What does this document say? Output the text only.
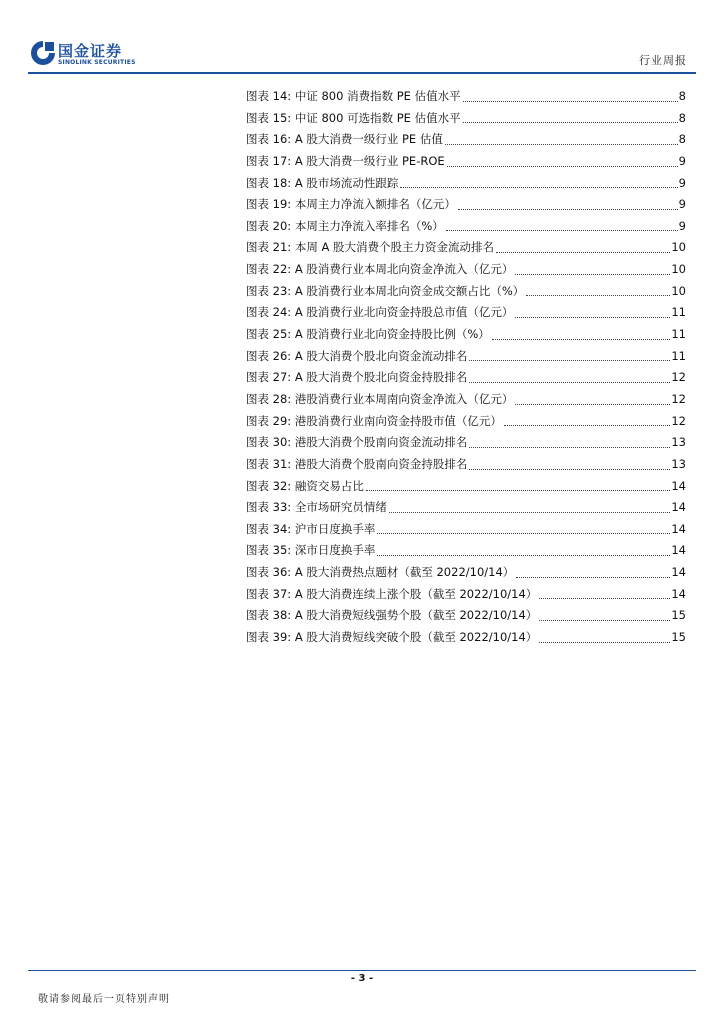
国金证券
SINOLINK SECURITIES	行业周报
图表 14: 中证 800 消费指数 PE 估值水平	8
图表 15: 中证 800 可选指数 PE 估值水平	8
图表 16: A 股大消费一级行业 PE 估值	8
图表 17: A 股大消费一级行业 PE-ROE	9
图表 18: A 股市场流动性跟踪	9
图表 19: 本周主力净流入额排名（亿元）	9
图表 20: 本周主力净流入率排名（%）	9
图表 21: 本周 A 股大消费个股主力资金流动排名	10
图表 22: A 股消费行业本周北向资金净流入（亿元）	10
图表 23: A 股消费行业本周北向资金成交额占比（%）	10
图表 24: A 股消费行业北向资金持股总市值（亿元）	11
图表 25: A 股消费行业北向资金持股比例（%）	11
图表 26: A 股大消费个股北向资金流动排名	11
图表 27: A 股大消费个股北向资金持股排名	12
图表 28: 港股消费行业本周南向资金净流入（亿元）	12
图表 29: 港股消费行业南向资金持股市值（亿元）	12
图表 30: 港股大消费个股南向资金流动排名	13
图表 31: 港股大消费个股南向资金持股排名	13
图表 32: 融资交易占比	14
图表 33: 全市场研究员情绪	14
图表 34: 沪市日度换手率	14
图表 35: 深市日度换手率	14
图表 36: A 股大消费热点题材（截至 2022/10/14）	14
图表 37: A 股大消费连续上涨个股（截至 2022/10/14）	14
图表 38: A 股大消费短线强势个股（截至 2022/10/14）	15
图表 39: A 股大消费短线突破个股（截至 2022/10/14）	15
- 3 -
敬请参阅最后一页特别声明
